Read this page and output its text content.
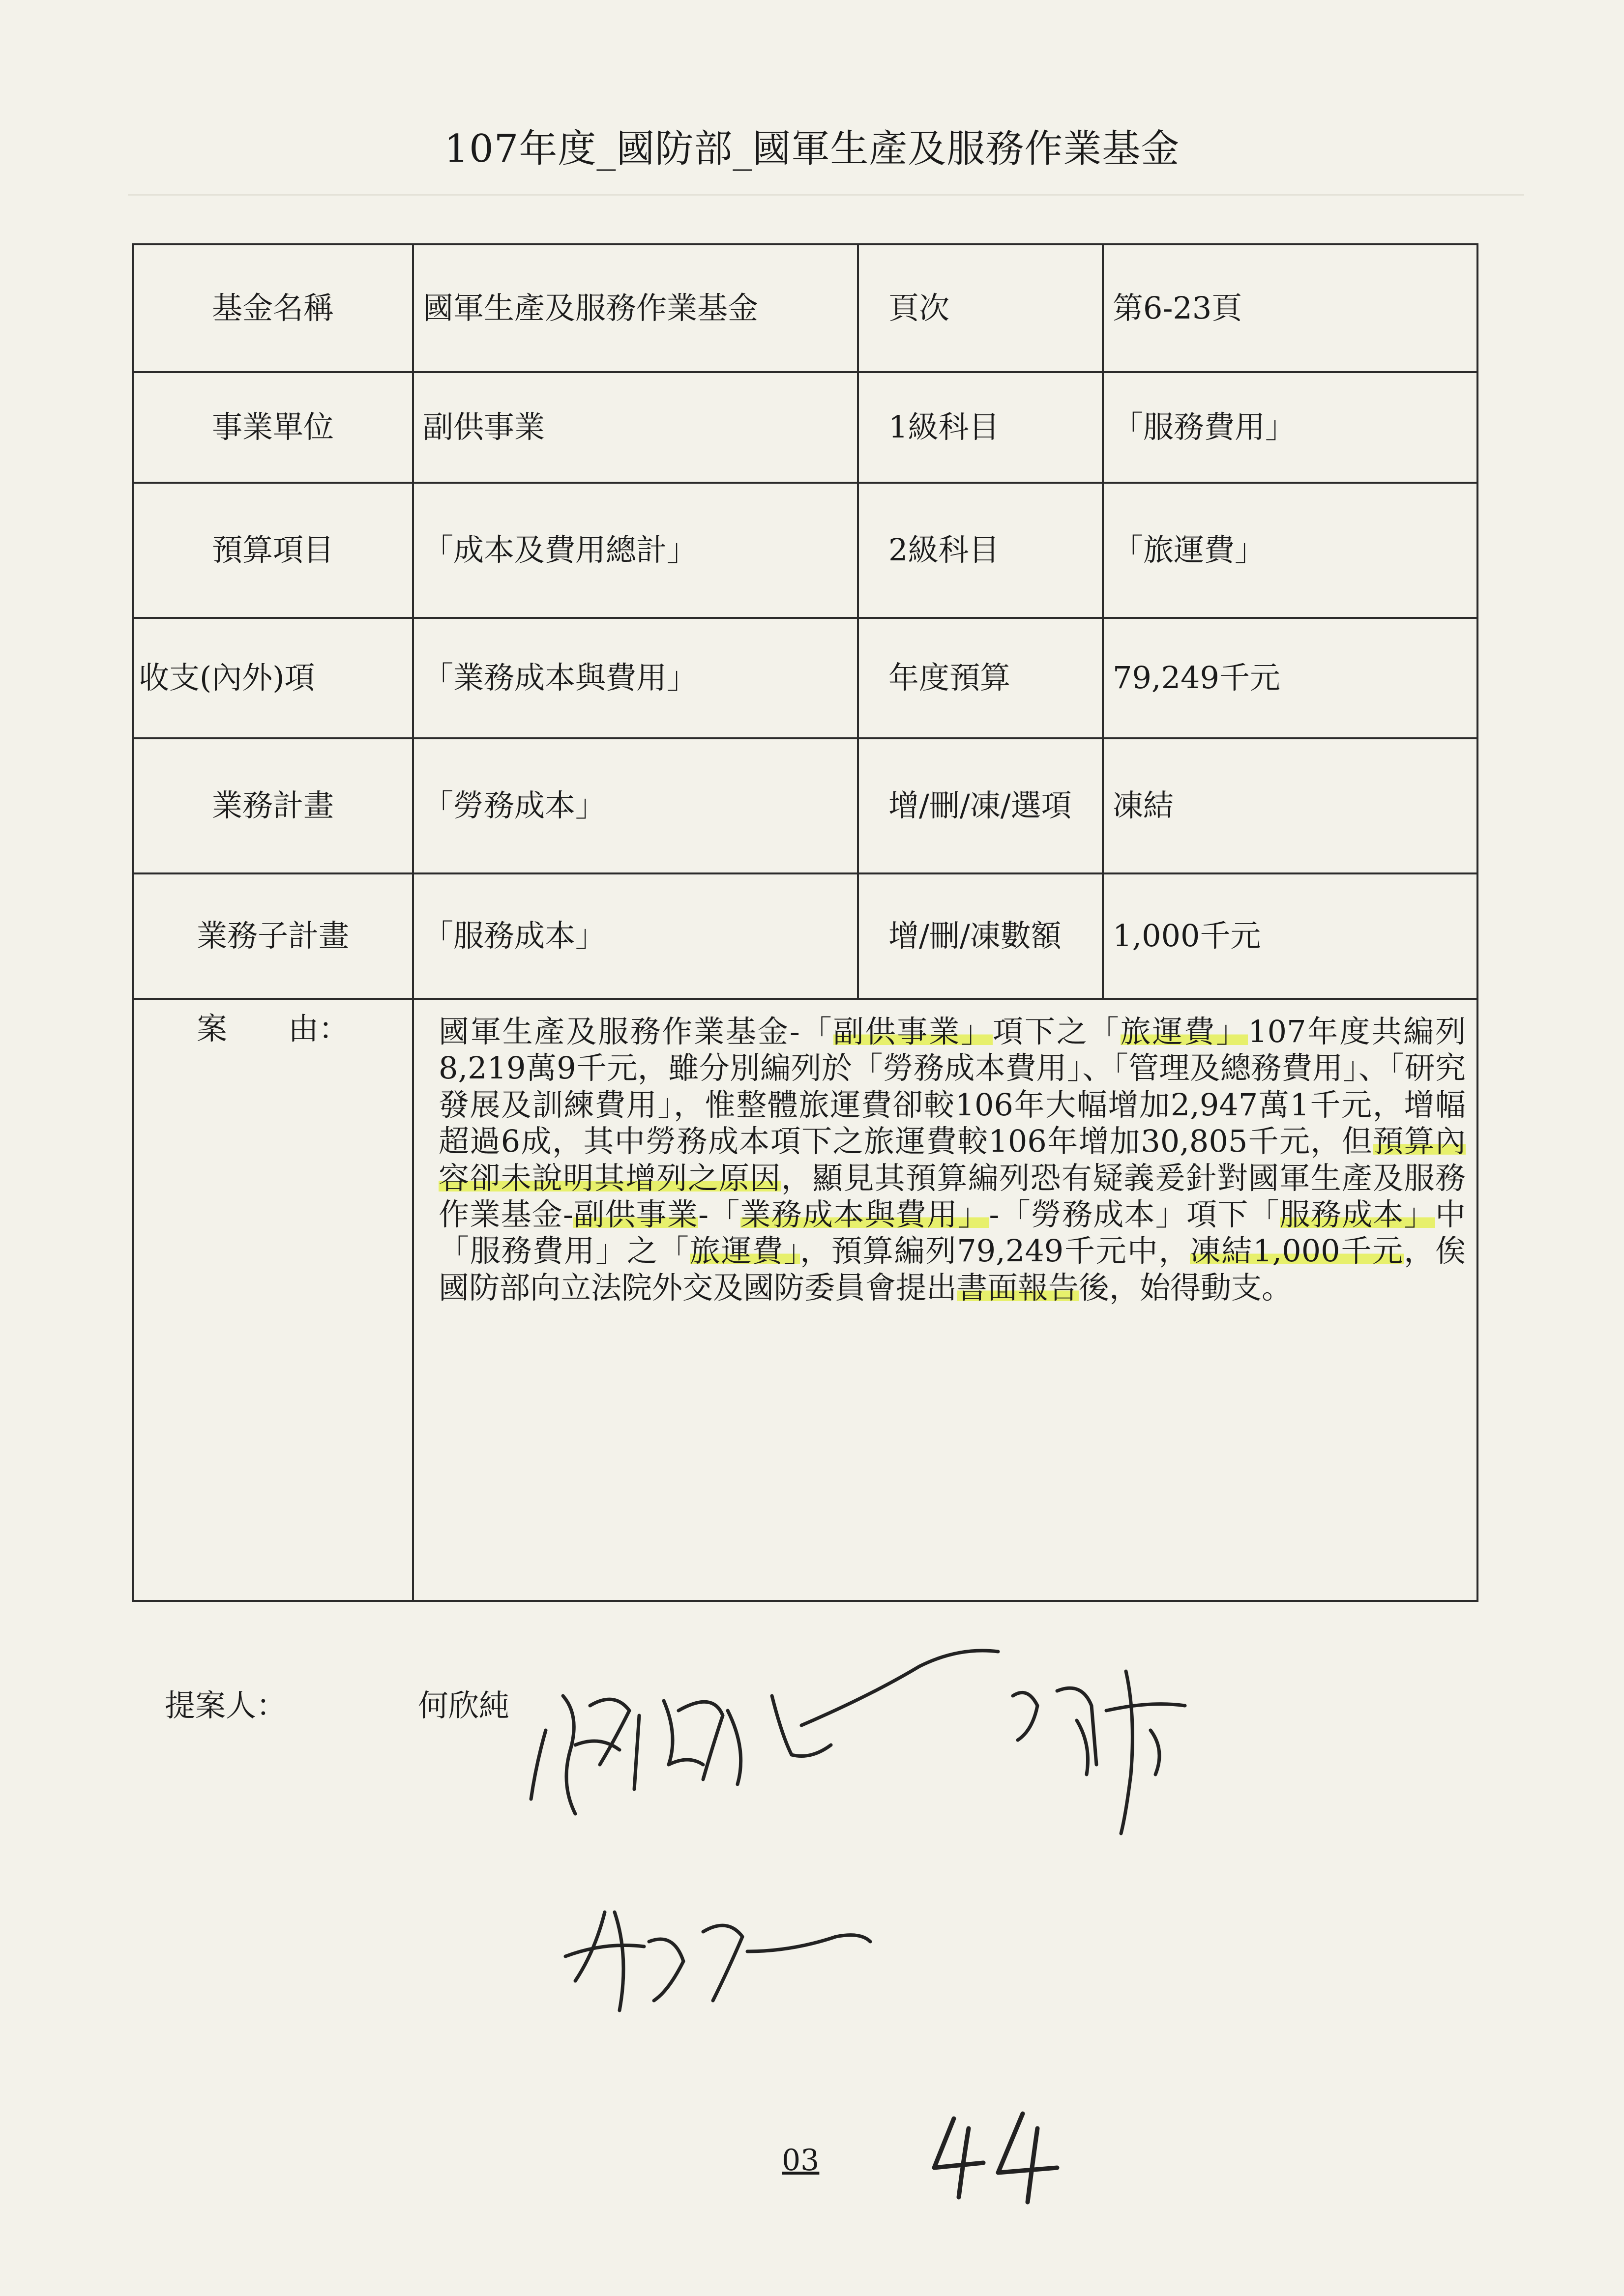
107年度_國防部_國軍生產及服務作業基金
基金名稱	國軍生產及服務作業基金	頁次	第6-23頁
事業單位	副供事業	1級科目	「服務費用」
預算項目	「成本及費用總計」	2級科目	「旅運費」
收支(內外)項	「業務成本與費用」	年度預算	79,249千元
業務計畫	「勞務成本」	增/刪/凍/選項	凍結
業務子計畫	「服務成本」	增/刪/凍數額	1,000千元
案　　由：	國軍生產及服務作業基金-「副供事業」項下之「旅運費」107年度共編列8,219萬9千元，雖分別編列於「勞務成本費用」、「管理及總務費用」、「研究發展及訓練費用」，惟整體旅運費卻較106年大幅增加2,947萬1千元，增幅超過6成，其中勞務成本項下之旅運費較106年增加30,805千元，但預算內容卻未說明其增列之原因，顯見其預算編列恐有疑義爰針對國軍生產及服務作業基金-副供事業-「業務成本與費用」-「勞務成本」項下「服務成本」中「服務費用」之「旅運費」，預算編列79,249千元中，凍結1,000千元，俟國防部向立法院外交及國防委員會提出書面報告後，始得動支。		
提案人：	何欣純
03
